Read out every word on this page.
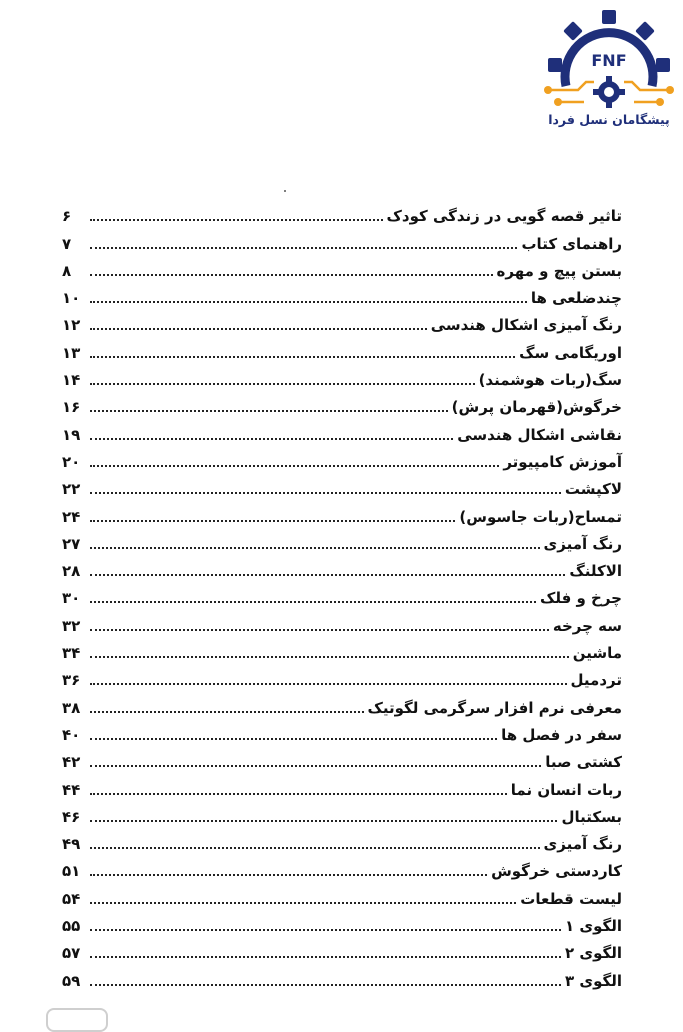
FNF
پیشگامان نسل فردا
تاثیر قصه گویی در زندگی کودک
۶
راهنمای کتاب
۷
بستن پیچ و مهره
۸
چندضلعی ها
۱۰
رنگ آمیزی اشکال هندسی
۱۲
اوریگامی سگ
۱۳
سگ(ربات هوشمند)
۱۴
خرگوش(قهرمان پرش)
۱۶
نقاشی اشکال هندسی
۱۹
آموزش کامپیوتر
۲۰
لاکپشت
۲۲
تمساح(ربات جاسوس)
۲۴
رنگ آمیزی
۲۷
الاکلنگ
۲۸
چرخ و فلک
۳۰
سه چرخه
۳۲
ماشین
۳۴
تردمیل
۳۶
معرفی نرم افزار سرگرمی لگوتیک
۳۸
سفر در فصل ها
۴۰
کشتی صبا
۴۲
ربات انسان نما
۴۴
بسکتبال
۴۶
رنگ آمیزی
۴۹
کاردستی خرگوش
۵۱
لیست قطعات
۵۴
الگوی ۱
۵۵
الگوی ۲
۵۷
الگوی ۳
۵۹
